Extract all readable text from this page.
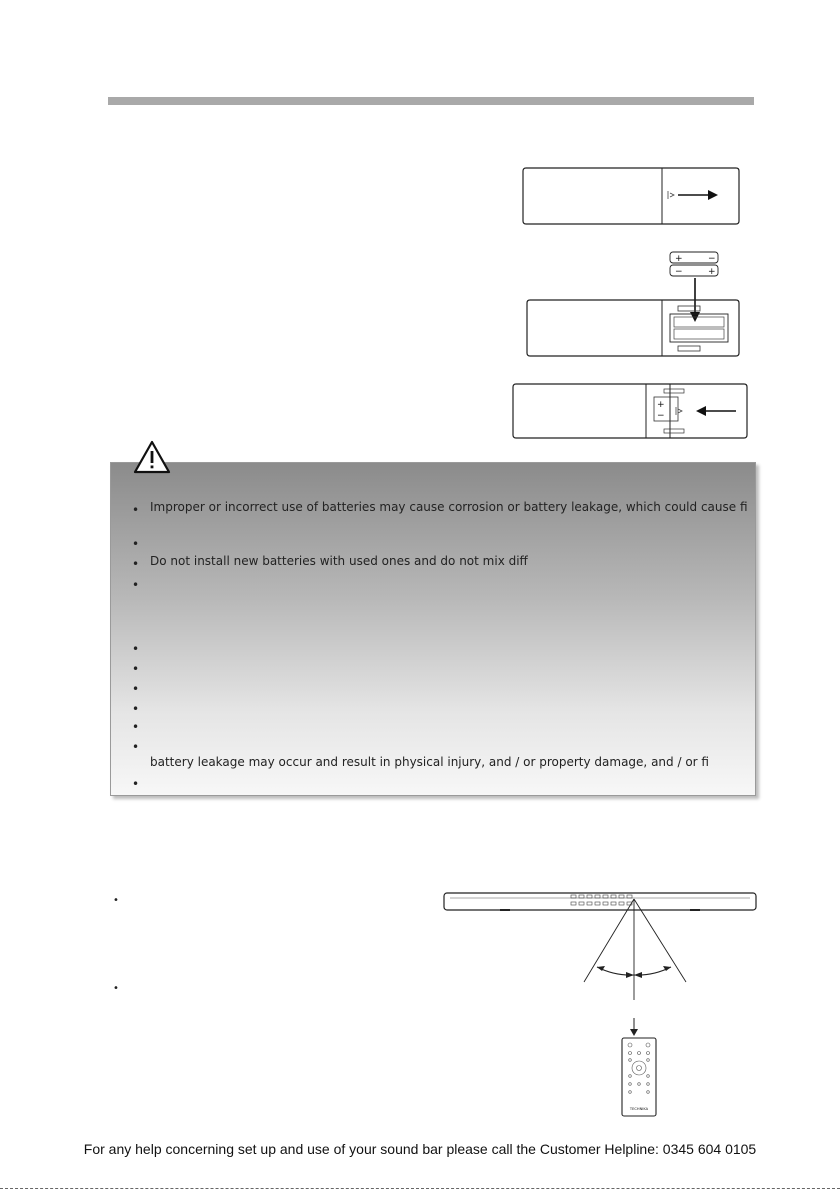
+	−
−	+
+
−
• Improper or incorrect use of batteries may cause corrosion or battery leakage, which could cause fi
•
• Do not install new batteries with used ones and do not mix diff
•
•
•
•
•
•
•
battery leakage may occur and result in physical injury, and / or property damage, and / or fi
•
•
•
TECHNIKA
For any help concerning set up and use of your sound bar please call the Customer Helpline: 0345 604 0105
